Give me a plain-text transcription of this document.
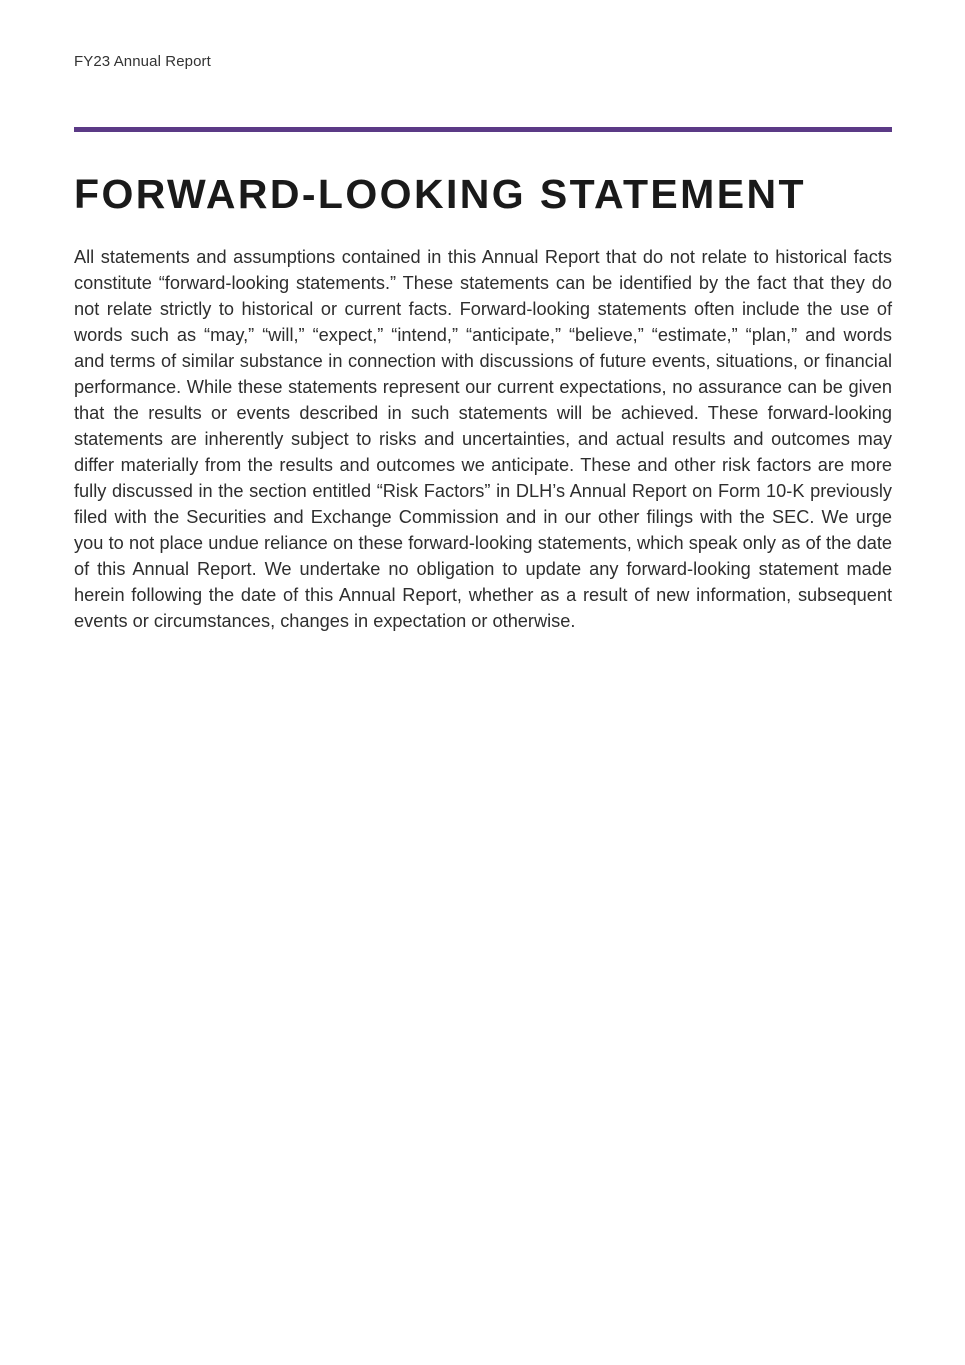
FY23 Annual Report
FORWARD-LOOKING STATEMENT

All statements and assumptions contained in this Annual Report that do not relate to historical facts constitute “forward-looking statements.” These statements can be identified by the fact that they do not relate strictly to historical or current facts. Forward-looking statements often include the use of words such as “may,” “will,” “expect,” “intend,” “anticipate,” “believe,” “estimate,” “plan,” and words and terms of similar substance in connection with discussions of future events, situations, or financial performance. While these statements represent our current expectations, no assurance can be given that the results or events described in such statements will be achieved. These forward-looking statements are inherently subject to risks and uncertainties, and actual results and outcomes may differ materially from the results and outcomes we anticipate. These and other risk factors are more fully discussed in the section entitled “Risk Factors” in DLH’s Annual Report on Form 10-K previously filed with the Securities and Exchange Commission and in our other filings with the SEC. We urge you to not place undue reliance on these forward-looking statements, which speak only as of the date of this Annual Report. We undertake no obligation to update any forward-looking statement made herein following the date of this Annual Report, whether as a result of new information, subsequent events or circumstances, changes in expectation or otherwise.
